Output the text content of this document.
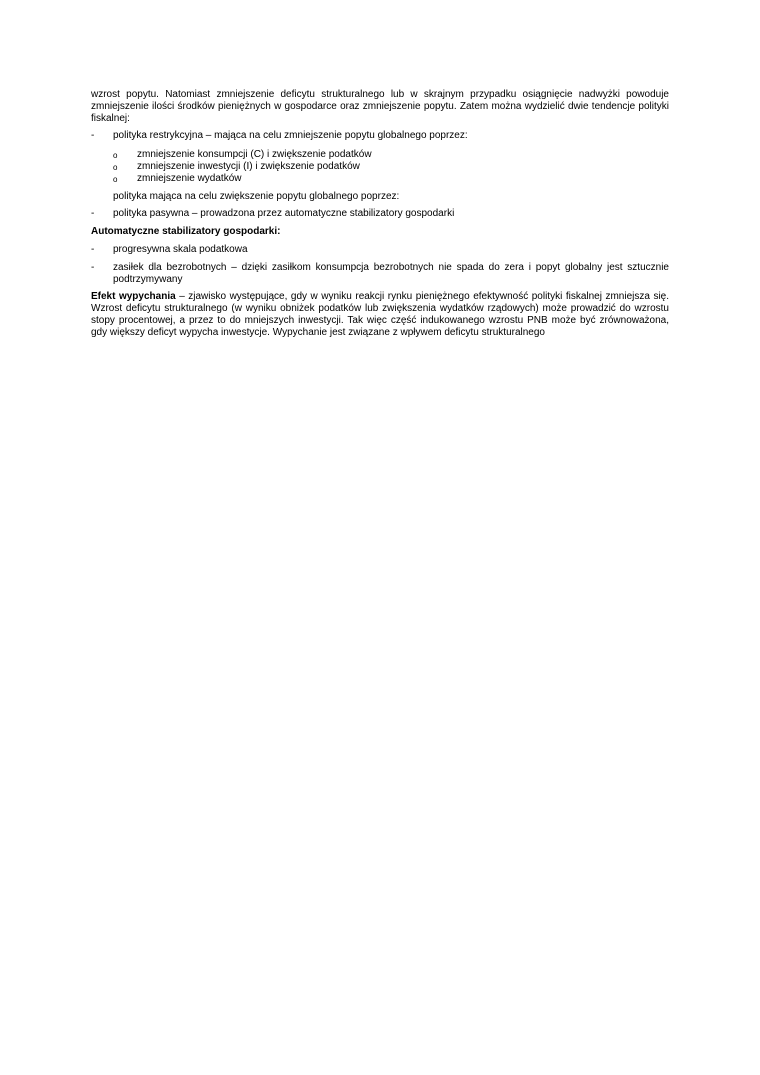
wzrost popytu. Natomiast zmniejszenie deficytu strukturalnego lub w skrajnym przypadku osiągnięcie nadwyżki powoduje zmniejszenie ilości środków pieniężnych w gospodarce oraz zmniejszenie popytu. Zatem można wydzielić dwie tendencje polityki fiskalnej:

- polityka restrykcyjna – mająca na celu zmniejszenie popytu globalnego poprzez:
o zmniejszenie konsumpcji (C) i zwiększenie podatków
o zmniejszenie inwestycji (I) i zwiększenie podatków
o zmniejszenie wydatków

polityka mająca na celu zwiększenie popytu globalnego poprzez:

- polityka pasywna – prowadzona przez automatyczne stabilizatory gospodarki

Automatyczne stabilizatory gospodarki:

- progresywna skala podatkowa
- zasiłek dla bezrobotnych – dzięki zasiłkom konsumpcja bezrobotnych nie spada do zera i popyt globalny jest sztucznie podtrzymywany

Efekt wypychania – zjawisko występujące, gdy w wyniku reakcji rynku pieniężnego efektywność polityki fiskalnej zmniejsza się. Wzrost deficytu strukturalnego (w wyniku obniżek podatków lub zwiększenia wydatków rządowych) może prowadzić do wzrostu stopy procentowej, a przez to do mniejszych inwestycji. Tak więc część indukowanego wzrostu PNB może być zrównoważona, gdy większy deficyt wypycha inwestycje. Wypychanie jest związane z wpływem deficytu strukturalnego
